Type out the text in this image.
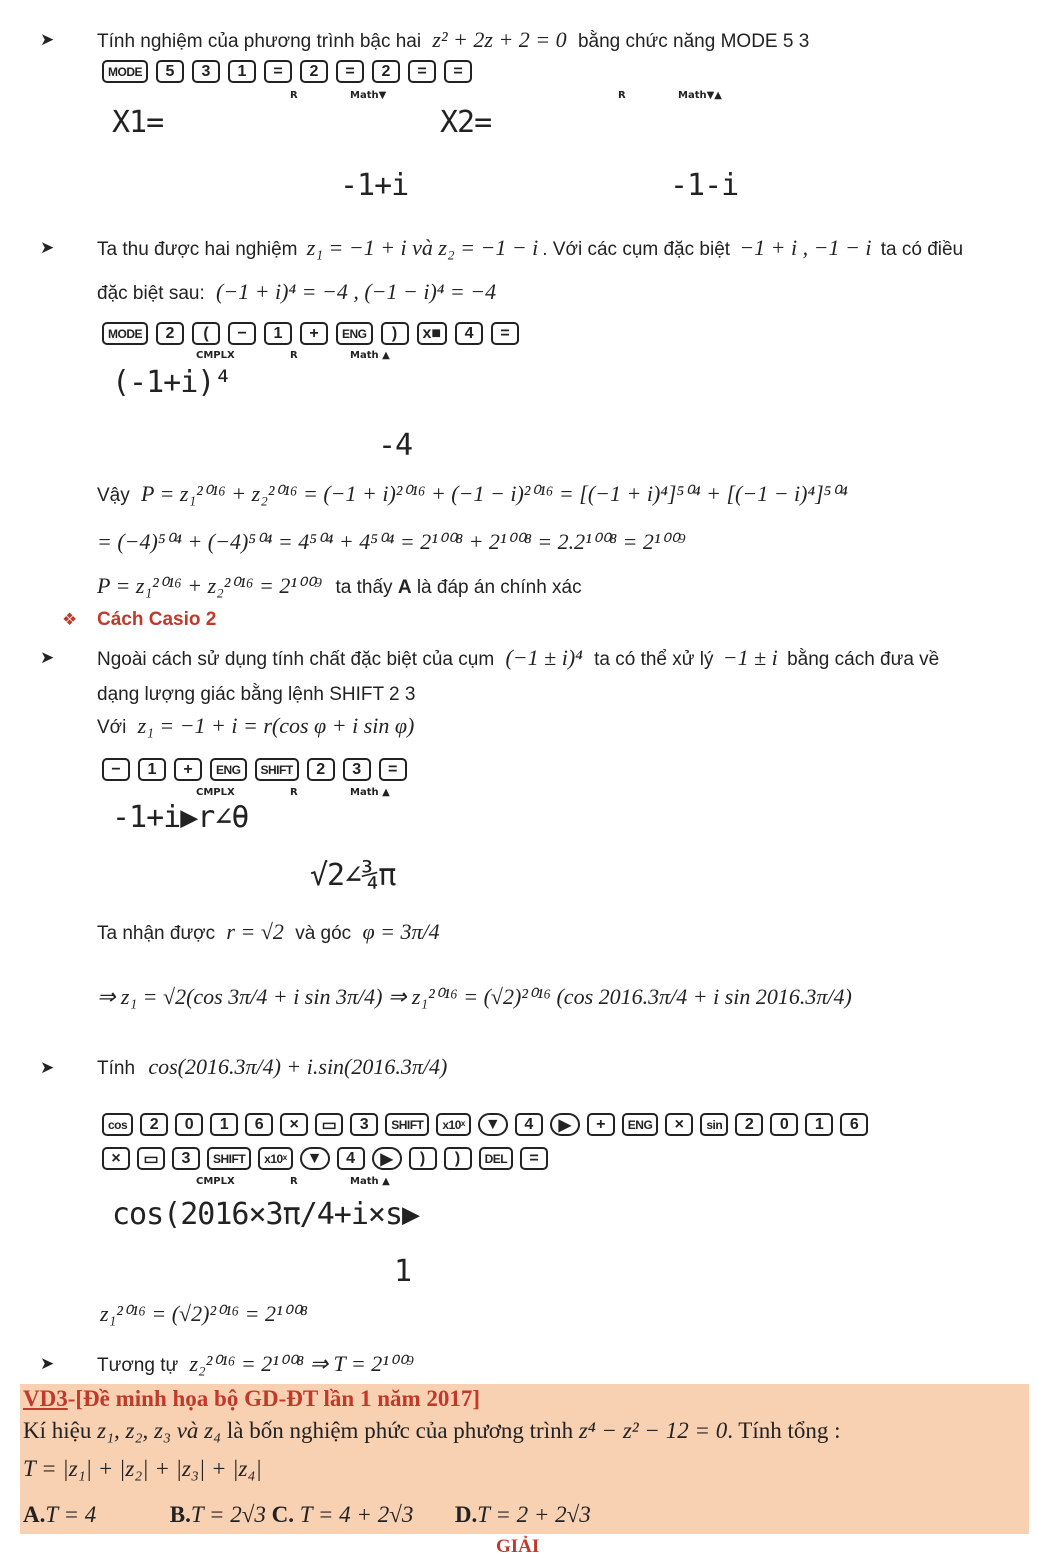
➤ Tính nghiệm của phương trình bậc hai z² + 2z + 2 = 0 bằng chức năng MODE 5 3
MODE	5	3	1	=	2	=	2	=	=
R	Math▼	R	Math▼▲
X1=	X2=
-1+i	-1-i
➤ Ta thu được hai nghiệm z₁ = −1 + i và z₂ = −1 − i . Với các cụm đặc biệt −1 + i , −1 − i ta có điều
đặc biệt sau: (−1 + i)⁴ = −4 , (−1 − i)⁴ = −4
MODE	2	(	−	1	+	ENG	)	x■	4	=
CMPLX	R	Math ▲
(-1+i)⁴
-4
Vậy P = z₁²⁰¹⁶ + z₂²⁰¹⁶ = (−1 + i)²⁰¹⁶ + (−1 − i)²⁰¹⁶ = [(−1 + i)⁴]⁵⁰⁴ + [(−1 − i)⁴]⁵⁰⁴
= (−4)⁵⁰⁴ + (−4)⁵⁰⁴ = 4⁵⁰⁴ + 4⁵⁰⁴ = 2¹⁰⁰⁸ + 2¹⁰⁰⁸ = 2.2¹⁰⁰⁸ = 2¹⁰⁰⁹
P = z₁²⁰¹⁶ + z₂²⁰¹⁶ = 2¹⁰⁰⁹ ta thấy A là đáp án chính xác
❖ Cách Casio 2
➤ Ngoài cách sử dụng tính chất đặc biệt của cụm (−1 ± i)⁴ ta có thể xử lý −1 ± i bằng cách đưa về
dạng lượng giác bằng lệnh SHIFT 2 3
Với z₁ = −1 + i = r(cos φ + i sin φ)
−	1	+	ENG	SHIFT	2	3	=
CMPLX	R	Math ▲
-1+i▶r∠θ
√2∠¾π
Ta nhận được r = √2 và góc φ = 3π/4
⇒ z₁ = √2(cos 3π/4 + i sin 3π/4) ⇒ z₁²⁰¹⁶ = (√2)²⁰¹⁶ (cos 2016.3π/4 + i sin 2016.3π/4)
➤ Tính cos(2016.3π/4) + i.sin(2016.3π/4)
cos	2	0	1	6	×	▭	3	SHIFT	x10ˣ	▼	4	▶	+	ENG	×	sin	2	0	1	6
×	▭	3	SHIFT	x10ˣ	▼	4	▶	)	)	DEL	=
CMPLX	R	Math ▲
cos(2016×3π/4+i×s▶
1
z₁²⁰¹⁶ = (√2)²⁰¹⁶ = 2¹⁰⁰⁸
➤ Tương tự z₂²⁰¹⁶ = 2¹⁰⁰⁸ ⇒ T = 2¹⁰⁰⁹
VD3-[Đề minh họa bộ GD-ĐT lần 1 năm 2017]
Kí hiệu z₁, z₂, z₃ và z₄ là bốn nghiệm phức của phương trình z⁴ − z² − 12 = 0. Tính tổng :
T = |z₁| + |z₂| + |z₃| + |z₄|
A.T = 4	B.T = 2√3 C. T = 4 + 2√3 D.T = 2 + 2√3
GIẢI
